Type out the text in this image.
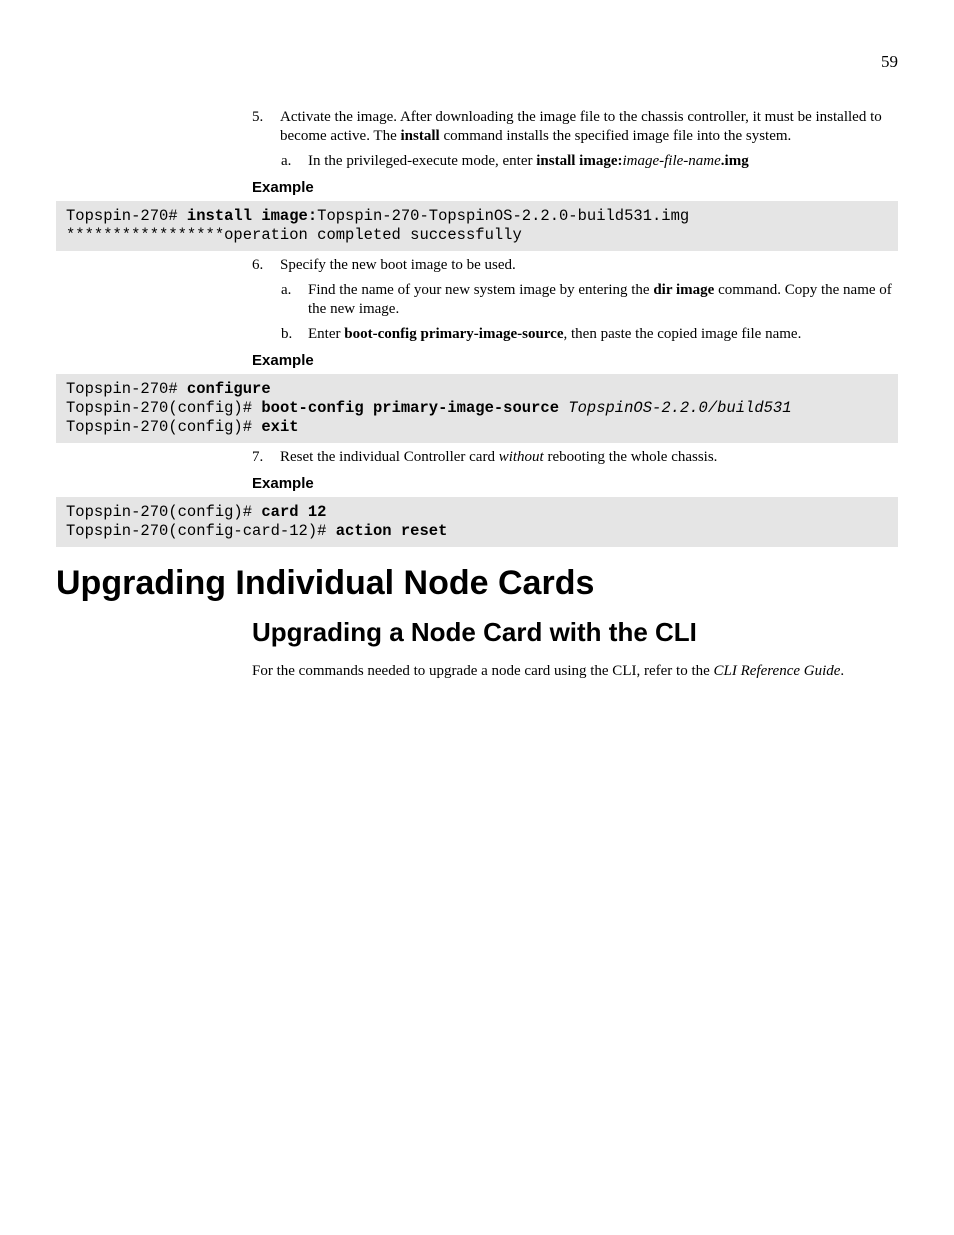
59
5. Activate the image. After downloading the image file to the chassis controller, it must be installed to become active. The install command installs the specified image file into the system.
a. In the privileged-execute mode, enter install image:image-file-name.img
Example
Topspin-270# install image:Topspin-270-TopspinOS-2.2.0-build531.img
*****************operation completed successfully
6. Specify the new boot image to be used.
a. Find the name of your new system image by entering the dir image command. Copy the name of the new image.
b. Enter boot-config primary-image-source, then paste the copied image file name.
Example
Topspin-270# configure
Topspin-270(config)# boot-config primary-image-source TopspinOS-2.2.0/build531
Topspin-270(config)# exit
7. Reset the individual Controller card without rebooting the whole chassis.
Example
Topspin-270(config)# card 12
Topspin-270(config-card-12)# action reset
Upgrading Individual Node Cards
Upgrading a Node Card with the CLI
For the commands needed to upgrade a node card using the CLI, refer to the CLI Reference Guide.
